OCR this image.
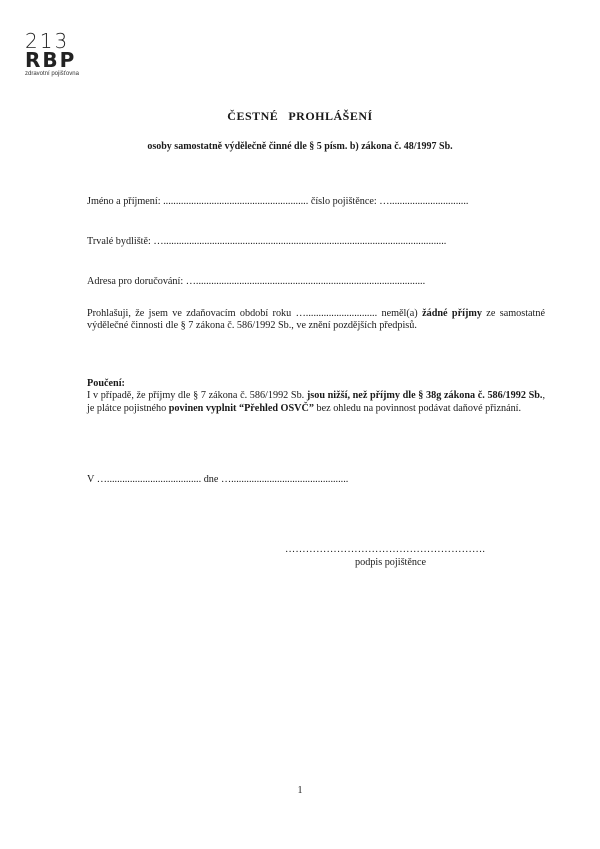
213
RBP
zdravotní pojišťovna
ČESTNÉ PROHLÁŠENÍ
osoby samostatně výdělečně činné dle § 5 písm. b) zákona č. 48/1997 Sb.
Jméno a příjmení: ......................................................... číslo pojištěnce: …...............................
Trvalé bydliště: …...............................................................................................................
Adresa pro doručování: …..........................................................................................
Prohlašuji, že jsem ve zdaňovacím období roku …............................ neměl(a) žádné příjmy ze samostatné výdělečné činnosti dle § 7 zákona č. 586/1992 Sb., ve znění pozdějších předpisů.
Poučení:
I v případě, že příjmy dle § 7 zákona č. 586/1992 Sb. jsou nižší, než příjmy dle § 38g zákona č. 586/1992 Sb., je plátce pojistného povinen vyplnit “Přehled OSVČ” bez ohledu na povinnost podávat daňové přiznání.
V …..................................... dne …..............................................
………………………………………………….
podpis pojištěnce
1
